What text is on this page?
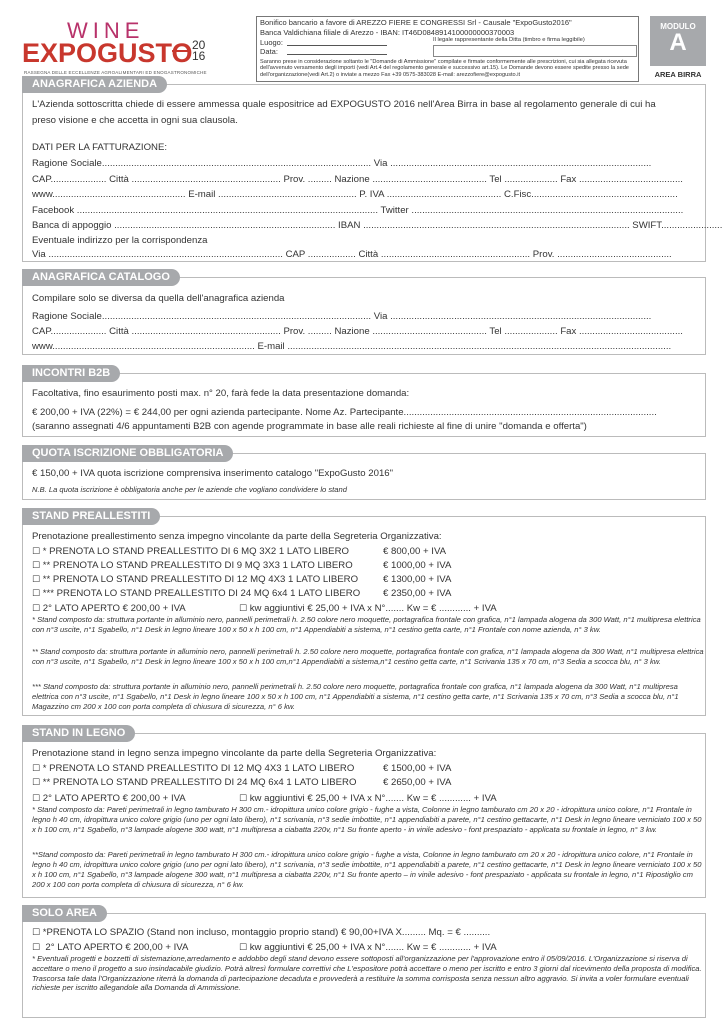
WINE
EXPOGUSTO 20
16
RASSEGNA DELLE ECCELLENZE AGROALIMENTARI ED ENOGASTRONOMICHE
Bonifico bancario a favore di AREZZO FIERE E CONGRESSI Srl - Causale "ExpoGusto2016"
Banca Valdichiana filiale di Arezzo - IBAN: IT46D0848914100000000370003
Luogo:
Data:
Il legale rappresentante della Ditta (timbro e firma leggibile)
Saranno prese in considerazione soltanto le "Domande di Ammissione" compilate e firmate conformemente alle prescrizioni, cui sia allegata ricevuta dell'avvenuto versamento degli importi (vedi Art.4 del regolamento generale e successivo art.15). Le Domande devono essere spedite presso la sede dell'organizzazione(vedi Art.2) o inviate a mezzo Fax +39 0575-383028 E-mail: arezzofiere@expogusto.it
MODULO
A
AREA BIRRA
ANAGRAFICA AZIENDA
L'Azienda sottoscritta chiede di essere ammessa quale espositrice ad EXPOGUSTO 2016 nell'Area Birra in base al regolamento generale di cui ha
preso visione e che accetta in ogni sua clausola.
DATI PER LA FATTURAZIONE:
Ragione Sociale..................................................................................................... Via ..................................................................................................
CAP..................... Città ........................................................ Prov. ......... Nazione ........................................... Tel .................... Fax .......................................
www.................................................. E-mail .................................................... P. IVA ........................................... C.Fisc.......................................................
Facebook ................................................................................................................. Twitter ......................................................................................................
Banca di appoggio ................................................................................... IBAN .................................................................................................... SWIFT.......................
Eventuale indirizzo per la corrispondenza
Via ........................................................................................ CAP .................. Città ........................................................ Prov. ...........................................
ANAGRAFICA CATALOGO
Compilare solo se diversa da quella dell'anagrafica azienda
Ragione Sociale..................................................................................................... Via ..................................................................................................
CAP..................... Città ........................................................ Prov. ......... Nazione ........................................... Tel .................... Fax .......................................
www............................................................................ E-mail ................................................................................................................................................
INCONTRI B2B
Facoltativa, fino esaurimento posti max. n° 20, farà fede la data presentazione domanda:
€ 200,00 + IVA (22%) = € 244,00 per ogni azienda partecipante. Nome Az. Partecipante...............................................................................................
(saranno assegnati 4/6 appuntamenti B2B con agende programmate in base alle reali richieste al fine di unire "domanda e offerta")
QUOTA ISCRIZIONE OBBLIGATORIA
€ 150,00 + IVA quota iscrizione comprensiva inserimento catalogo "ExpoGusto 2016"
N.B. La quota iscrizione è obbligatoria anche per le aziende che vogliano condividere lo stand
STAND PREALLESTITI
Prenotazione preallestimento senza impegno vincolante da parte della Segreteria Organizzativa:
☐ * PRENOTA LO STAND PREALLESTITO DI 6 MQ 3X2 1 LATO LIBERO	€ 800,00 + IVA
☐ ** PRENOTA LO STAND PREALLESTITO DI 9 MQ 3X3 1 LATO LIBERO	€ 1000,00 + IVA
☐ ** PRENOTA LO STAND PREALLESTITO DI 12 MQ 4X3 1 LATO LIBERO	€ 1300,00 + IVA
☐ *** PRENOTA LO STAND PREALLESTITO DI 24 MQ 6x4 1 LATO LIBERO € 2350,00 + IVA
☐ 2° LATO APERTO € 200,00 + IVA	☐ kw aggiuntivi € 25,00 + IVA x N°....... Kw = € ............ + IVA
* Stand composto da: struttura portante in alluminio nero, pannelli perimetrali h. 2.50 colore nero moquette, portagrafica frontale con grafica, n°1 lampada alogena da 300 Watt, n°1 multipresa elettrica con n°3 uscite, n°1 Sgabello, n°1 Desk in legno lineare 100 x 50 x h 100 cm, n°1 Appendiabiti a sistema, n°1 cestino getta carte, n°1 Frontale con nome azienda, n° 3 kw.
** Stand composto da: struttura portante in alluminio nero, pannelli perimetrali h. 2.50 colore nero moquette, portagrafica frontale con grafica, n°1 lampada alogena da 300 Watt, n°1 multipresa elettrica con n°3 uscite, n°1 Sgabello, n°1 Desk in legno lineare 100 x 50 x h 100 cm,n°1 Appendiabiti a sistema,n°1 cestino getta carte, n°1 Scrivania 135 x 70 cm, n°3 Sedia a scocca blu, n° 3 kw.
*** Stand composto da: struttura portante in alluminio nero, pannelli perimetrali h. 2.50 colore nero moquette, portagrafica frontale con grafica, n°1 lampada alogena da 300 Watt, n°1 multipresa elettrica con n°3 uscite, n°1 Sgabello, n°1 Desk in legno lineare 100 x 50 x h 100 cm, n°1 Appendiabiti a sistema, n°1 cestino getta carte, n°1 Scrivania 135 x 70 cm, n°3 Sedia a scocca blu, n°1 Magazzino cm 200 x 100 con porta completa di chiusura di sicurezza, n° 6 kw.
STAND IN LEGNO
Prenotazione stand in legno senza impegno vincolante da parte della Segreteria Organizzativa:
☐ * PRENOTA LO STAND PREALLESTITO DI 12 MQ 4X3 1 LATO LIBERO	€ 1500,00 + IVA
☐ ** PRENOTA LO STAND PREALLESTITO DI 24 MQ 6x4 1 LATO LIBERO	€ 2650,00 + IVA
☐ 2° LATO APERTO € 200,00 + IVA	☐ kw aggiuntivi € 25,00 + IVA x N°....... Kw = € ............ + IVA
* Stand composto da: Pareti perimetrali in legno tamburato H 300 cm.- idropittura unico colore grigio - fughe a vista, Colonne in legno tamburato cm 20 x 20 - idropittura unico colore, n°1 Frontale in legno h 40 cm, idropittura unico colore grigio (uno per ogni lato libero), n°1 scrivania, n°3 sedie imbottite, n°1 appendiabiti a parete, n°1 cestino gettacarte, n°1 Desk in legno lineare verniciato 100 x 50 x h 100 cm, n°1 Sgabello, n°3 lampade alogene 300 watt, n°1 multipresa a ciabatta 220v, n°1 Su fronte aperto - in vinile adesivo - font prespaziato - applicata su frontale in legno, n° 3 kw.
**Stand composto da: Pareti perimetrali in legno tamburato H 300 cm.- idropittura unico colore grigio - fughe a vista, Colonne in legno tamburato cm 20 x 20 - idropittura unico colore, n°1 Frontale in legno h 40 cm, idropittura unico colore grigio (uno per ogni lato libero), n°1 scrivania, n°3 sedie imbottite, n°1 appendiabiti a parete, n°1 cestino gettacarte, n°1 Desk in legno lineare verniciato 100 x 50 x h 100 cm, n°1 Sgabello, n°3 lampade alogene 300 watt, n°1 multipresa a ciabatta 220v, n°1 Su fronte aperto – in vinile adesivo - font prespaziato - applicata su frontale in legno, n°1 Ripostiglio cm 200 x 100 con porta completa di chiusura di sicurezza, n° 6 kw.
SOLO AREA
☐ *PRENOTA LO SPAZIO (Stand non incluso, montaggio proprio stand) € 90,00+IVA X......... Mq. = € ..........
☐ 2° LATO APERTO € 200,00 + IVA	☐ kw aggiuntivi € 25,00 + IVA x N°....... Kw = € ............ + IVA
* Eventuali progetti e bozzetti di sistemazione,arredamento e addobbo degli stand devono essere sottoposti all'organizzazione per l'approvazione entro il 05/09/2016. L'Organizzazione si riserva di accettare o meno il progetto a suo insindacabile giudizio. Potrà altresì formulare correttivi che L'espositore potrà accettare o meno per iscritto e entro 3 giorni dal ricevimento della proposta di modifica. Trascorsa tale data l'Organizzazione riterrà la domanda di partecipazione decaduta e provvederà a restituire la somma corrisposta senza nessun altro aggravio. Si invita a voler formulare eventuali richieste per iscritto allegandole alla Domanda di Ammissione.
